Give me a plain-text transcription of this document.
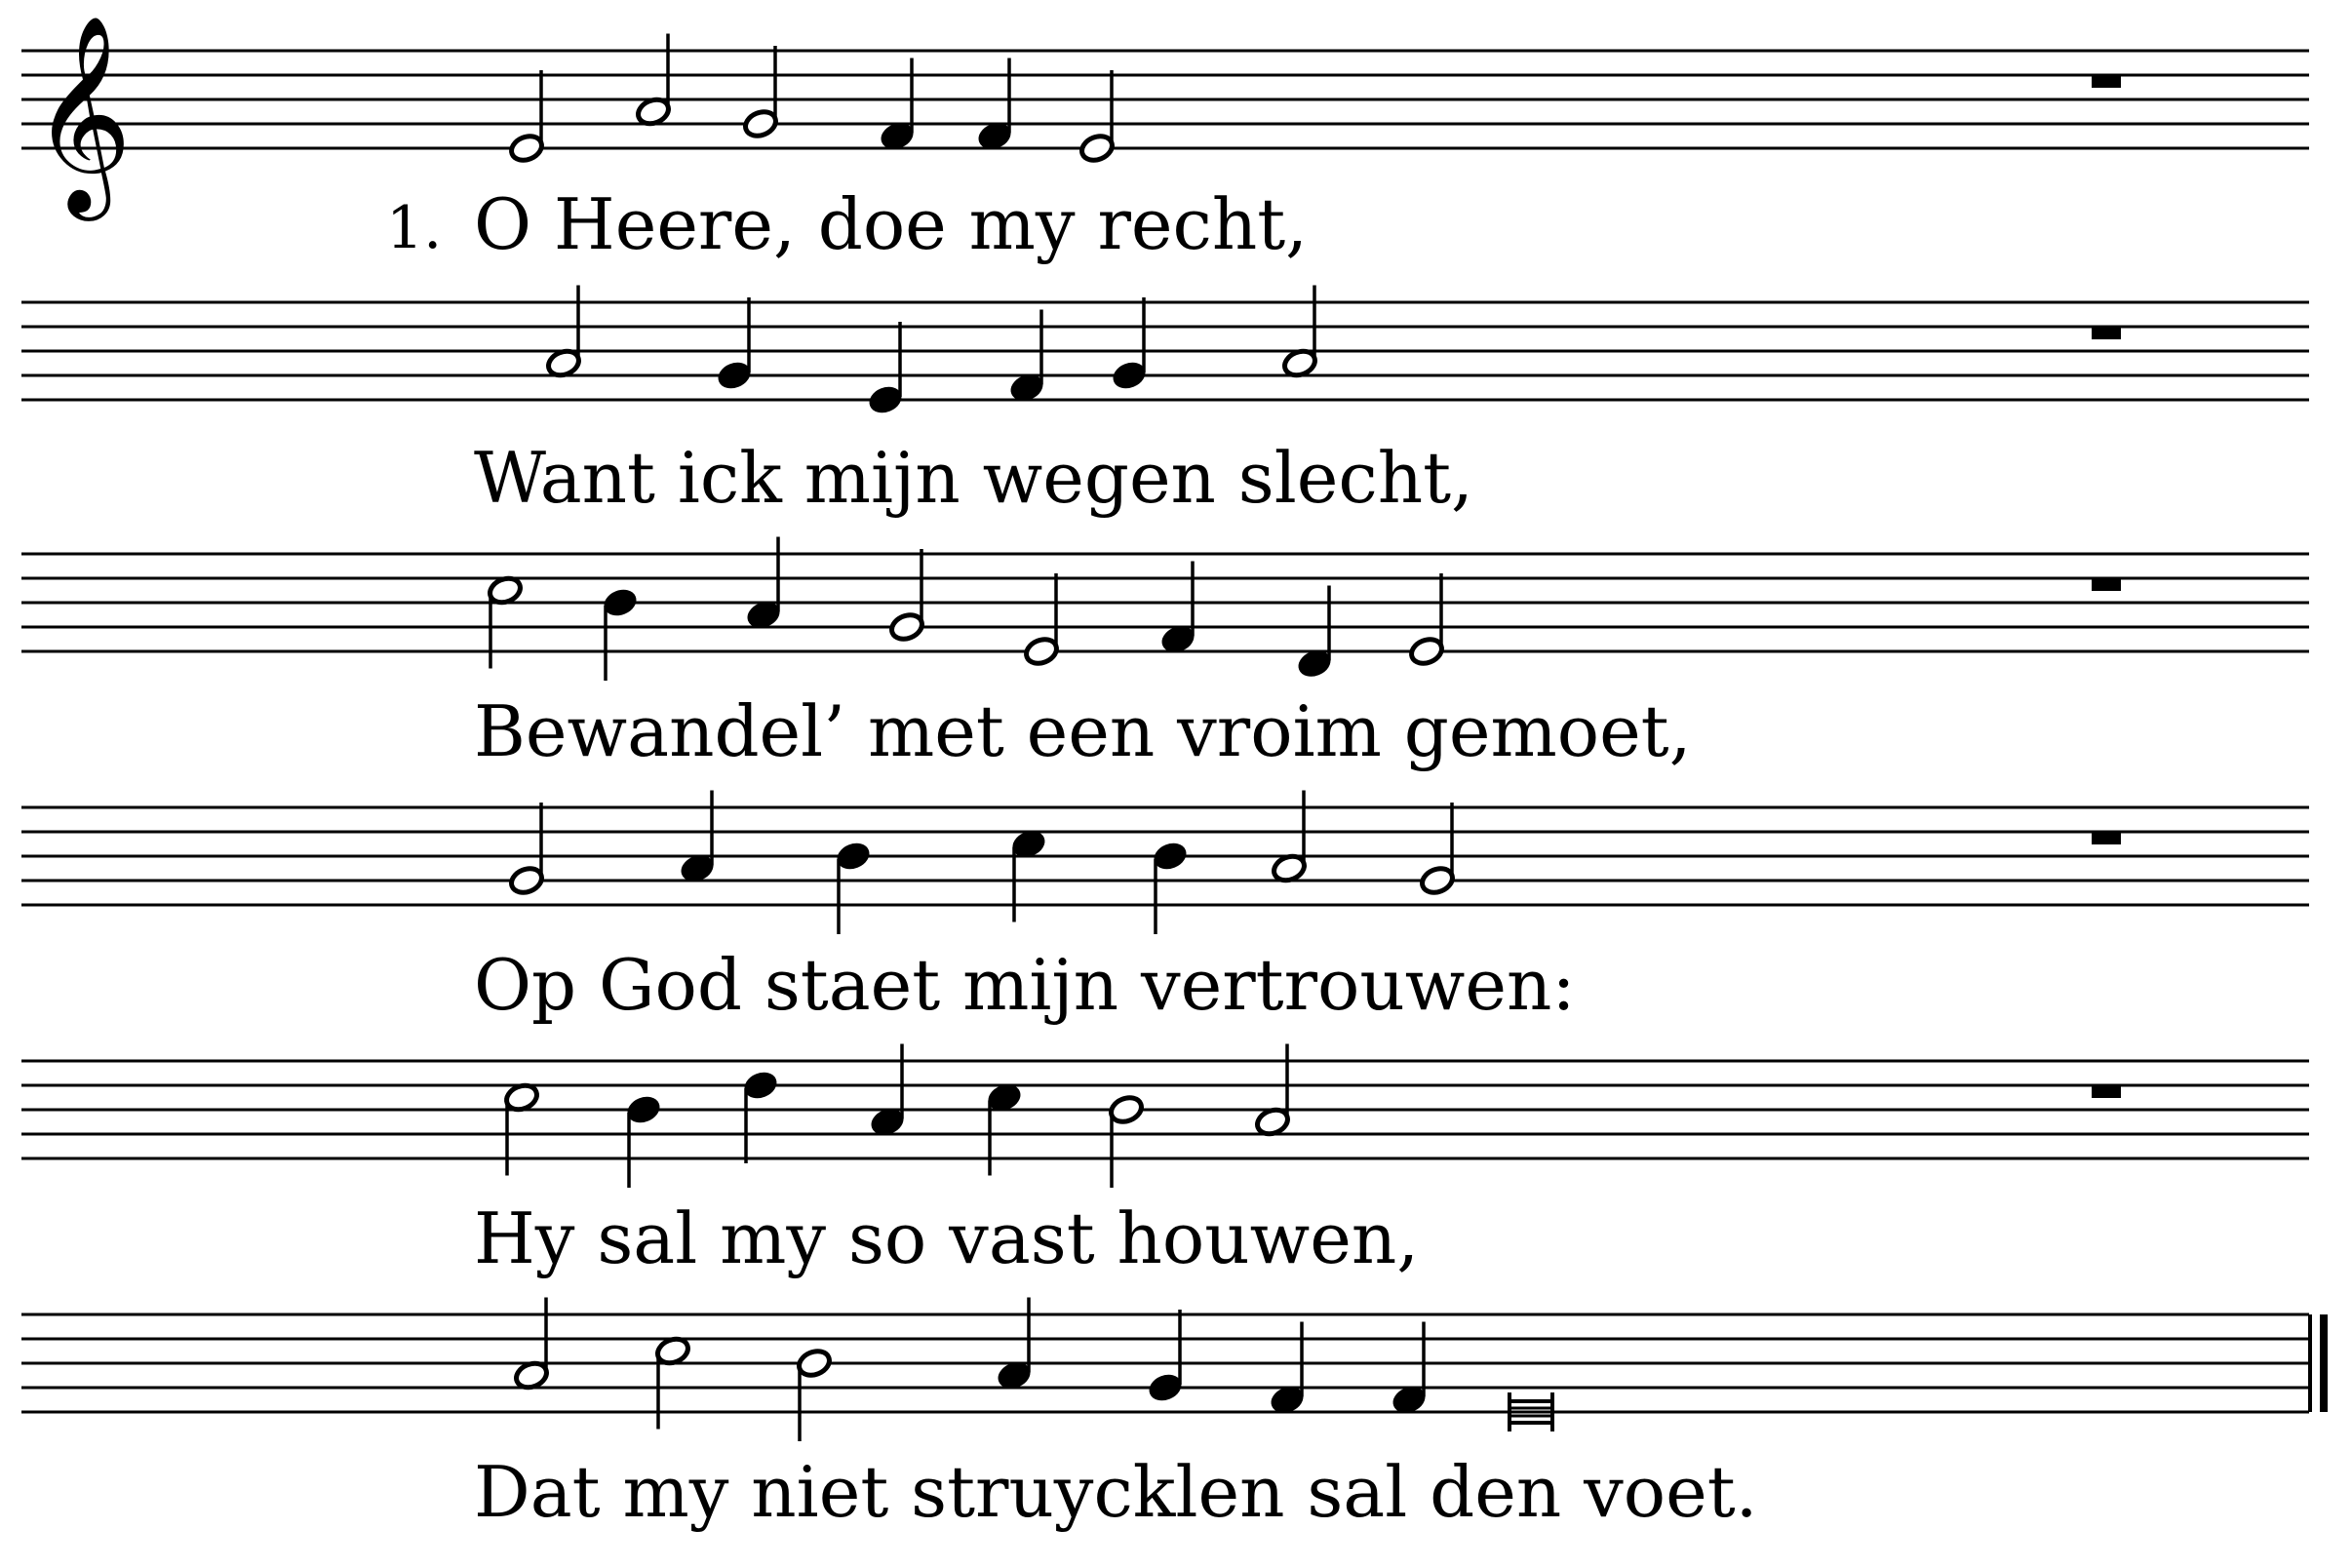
𝄞
1. O Heere, doe my recht,
Want ick mijn wegen slecht,
Bewandel’ met een vroim gemoet,
Op God staet mijn vertrouwen:
Hy sal my so vast houwen,
Dat my niet struycklen sal den voet.
